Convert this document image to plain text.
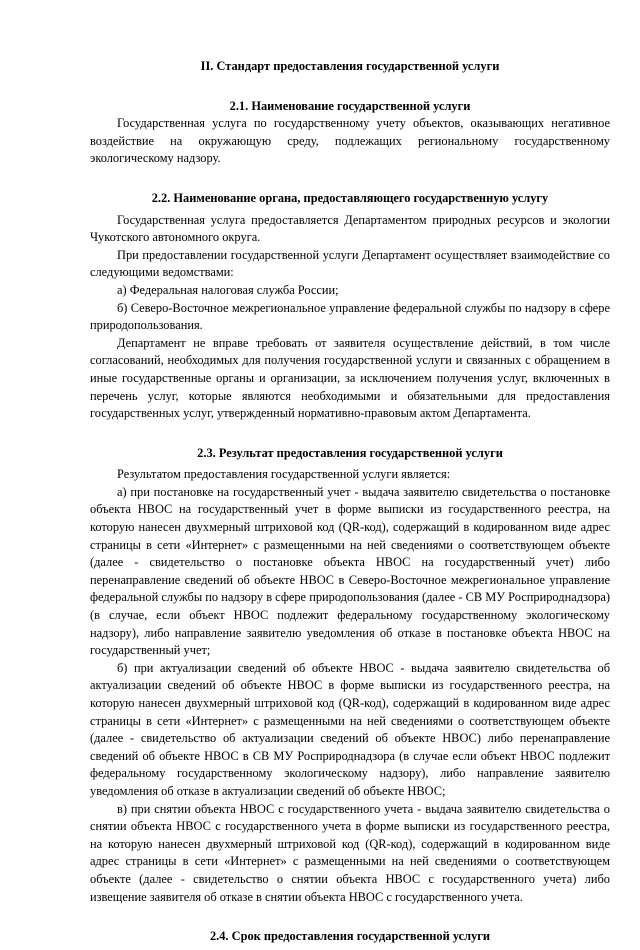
II. Стандарт предоставления государственной услуги
2.1. Наименование государственной услуги

Государственная услуга по государственному учету объектов, оказывающих негативное воздействие на окружающую среду, подлежащих региональному государственному экологическому надзору.

2.2. Наименование органа, предоставляющего государственную услугу

Государственная услуга предоставляется Департаментом природных ресурсов и экологии Чукотского автономного округа.

При предоставлении государственной услуги Департамент осуществляет взаимодействие со следующими ведомствами:

а) Федеральная налоговая служба России;

б) Северо-Восточное межрегиональное управление федеральной службы по надзору в сфере природопользования.

Департамент не вправе требовать от заявителя осуществление действий, в том числе согласований, необходимых для получения государственной услуги и связанных с обращением в иные государственные органы и организации, за исключением получения услуг, включенных в перечень услуг, которые являются необходимыми и обязательными для предоставления государственных услуг, утвержденный нормативно-правовым актом Департамента.

2.3. Результат предоставления государственной услуги

Результатом предоставления государственной услуги является:

а) при постановке на государственный учет - выдача заявителю свидетельства о постановке объекта НВОС на государственный учет в форме выписки из государственного реестра, на которую нанесен двухмерный штриховой код (QR-код), содержащий в кодированном виде адрес страницы в сети «Интернет» с размещенными на ней сведениями о соответствующем объекте (далее - свидетельство о постановке объекта НВОС на государственный учет) либо перенаправление сведений об объекте НВОС в Северо-Восточное межрегиональное управление федеральной службы по надзору в сфере природопользования (далее - СВ МУ Росприроднадзора) (в случае, если объект НВОС подлежит федеральному государственному экологическому надзору), либо направление заявителю уведомления об отказе в постановке объекта НВОС на государственный учет;

б) при актуализации сведений об объекте НВОС - выдача заявителю свидетельства об актуализации сведений об объекте НВОС в форме выписки из государственного реестра, на которую нанесен двухмерный штриховой код (QR-код), содержащий в кодированном виде адрес страницы в сети «Интернет» с размещенными на ней сведениями о соответствующем объекте (далее - свидетельство об актуализации сведений об объекте НВОС) либо перенаправление сведений об объекте НВОС в СВ МУ Росприроднадзора (в случае если объект НВОС подлежит федеральному государственному экологическому надзору), либо направление заявителю уведомления об отказе в актуализации сведений об объекте НВОС;

в) при снятии объекта НВОС с государственного учета - выдача заявителю свидетельства о снятии объекта НВОС с государственного учета в форме выписки из государственного реестра, на которую нанесен двухмерный штриховой код (QR-код), содержащий в кодированном виде адрес страницы в сети «Интернет» с размещенными на ней сведениями о соответствующем объекте (далее - свидетельство о снятии объекта НВОС с государственного учета) либо извещение заявителя об отказе в снятии объекта НВОС с государственного учета.

2.4. Срок предоставления государственной услуги
